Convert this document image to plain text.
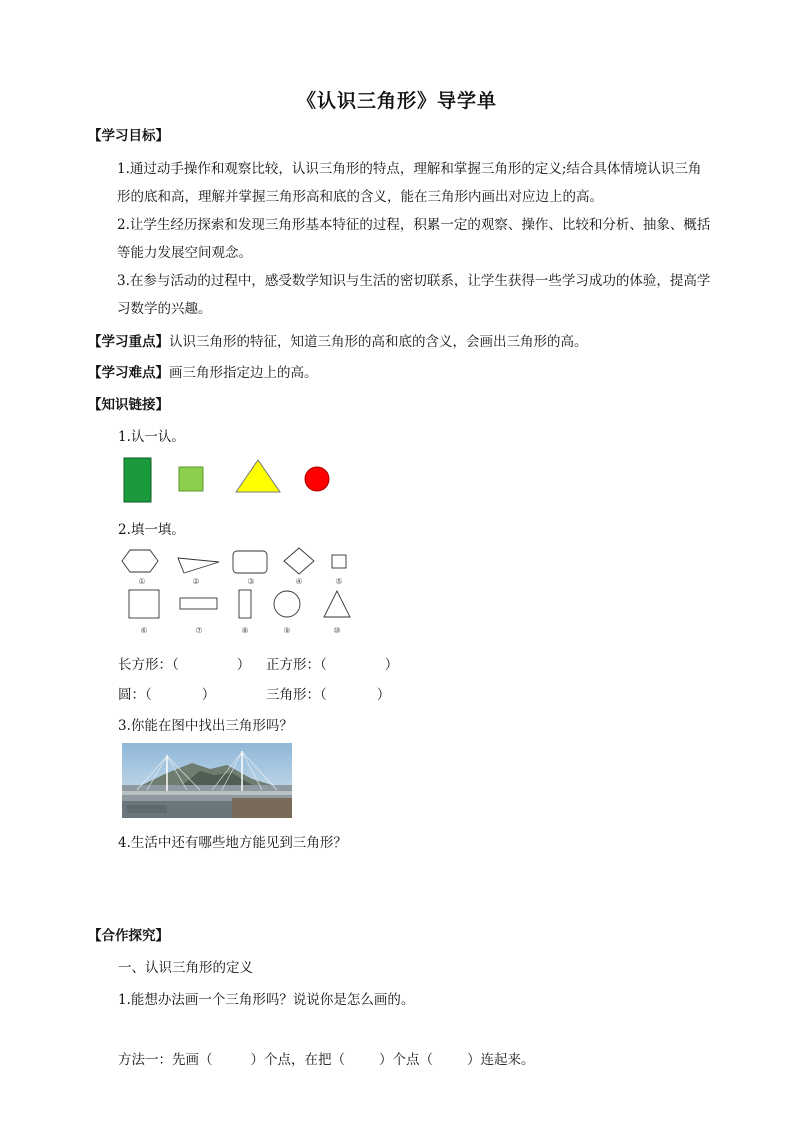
《认识三角形》导学单
【学习目标】
1.通过动手操作和观察比较，认识三角形的特点，理解和掌握三角形的定义;结合具体情境认识三角
形的底和高，理解并掌握三角形高和底的含义，能在三角形内画出对应边上的高。
2.让学生经历探索和发现三角形基本特征的过程，积累一定的观察、操作、比较和分析、抽象、概括
等能力发展空间观念。
3.在参与活动的过程中，感受数学知识与生活的密切联系，让学生获得一些学习成功的体验，提高学
习数学的兴趣。
【学习重点】认识三角形的特征，知道三角形的高和底的含义，会画出三角形的高。
【学习难点】画三角形指定边上的高。
【知识链接】
1.认一认。
2.填一填。
①	②	③	④	⑤
⑥	⑦	⑧	⑨	⑩
长方形：（	） 正方形：（	）
圆：（	）	三角形：（	）
3.你能在图中找出三角形吗？
4.生活中还有哪些地方能见到三角形？
【合作探究】
一、认识三角形的定义
1.能想办法画一个三角形吗？说说你是怎么画的。
方法一：先画（	）个点，在把（	）个点（	）连起来。
